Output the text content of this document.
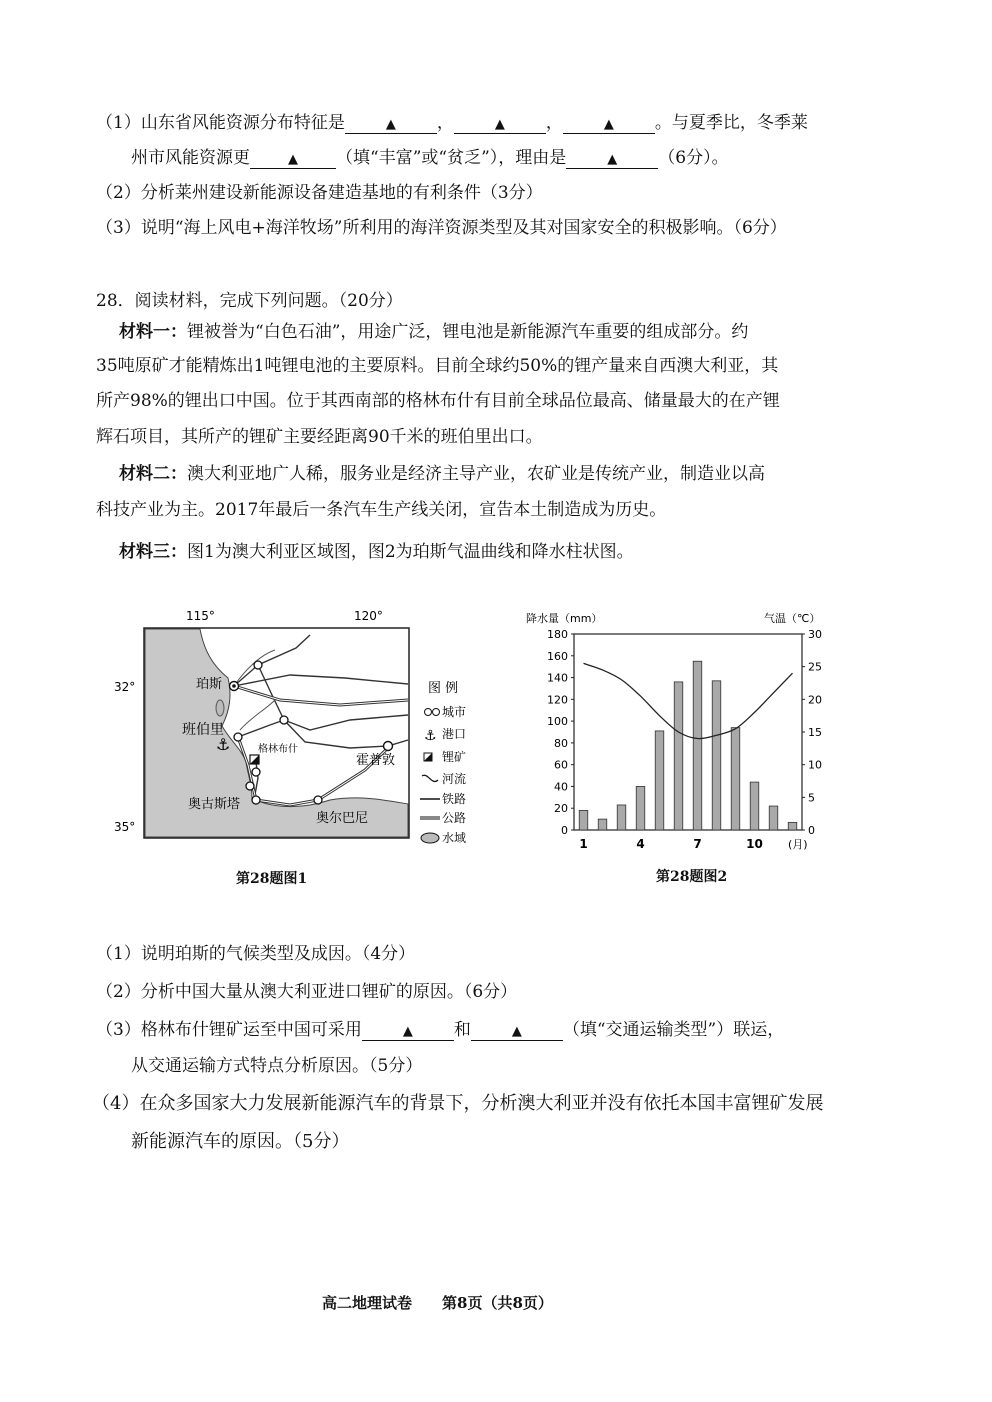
（1）山东省风能资源分布特征是	▲ ，	▲ ，	▲ 。与夏季比，冬季莱
州市风能资源更	▲ （填“丰富”或“贫乏”），理由是	▲ （6分）。
（2）分析莱州建设新能源设备建造基地的有利条件（3分）
（3）说明“海上风电+海洋牧场”所利用的海洋资源类型及其对国家安全的积极影响。（6分）
28．阅读材料，完成下列问题。（20分）
材料一：锂被誉为“白色石油”，用途广泛，锂电池是新能源汽车重要的组成部分。约
35吨原矿才能精炼出1吨锂电池的主要原料。目前全球约50%的锂产量来自西澳大利亚，其
所产98%的锂出口中国。位于其西南部的格林布什有目前全球品位最高、储量最大的在产锂
辉石项目，其所产的锂矿主要经距离90千米的班伯里出口。
材料二：澳大利亚地广人稀，服务业是经济主导产业，农矿业是传统产业，制造业以高
科技产业为主。2017年最后一条汽车生产线关闭，宣告本土制造成为历史。
材料三：图1为澳大利亚区域图，图2为珀斯气温曲线和降水柱状图。
115°	120°
32°
35°
⚓
珀斯
班伯里
格林布什
奥古斯塔
奥尔巴尼
霍普敦
图 例
城市
⚓ 港口
锂矿
河流
铁路
公路
水域
第28题图1
降水量（mm）	气温（℃）
0
20
40
60
80
100
120
140
160
180
0
5
10
15
20
25
30
1	4	7	10 (月)
第28题图2
（1）说明珀斯的气候类型及成因。（4分）
（2）分析中国大量从澳大利亚进口锂矿的原因。（6分）
（3）格林布什锂矿运至中国可采用	▲ 和	▲ （填“交通运输类型”）联运，
从交通运输方式特点分析原因。（5分）
（4）在众多国家大力发展新能源汽车的背景下，分析澳大利亚并没有依托本国丰富锂矿发展
新能源汽车的原因。（5分）
高二地理试卷　　第8页（共8页）
